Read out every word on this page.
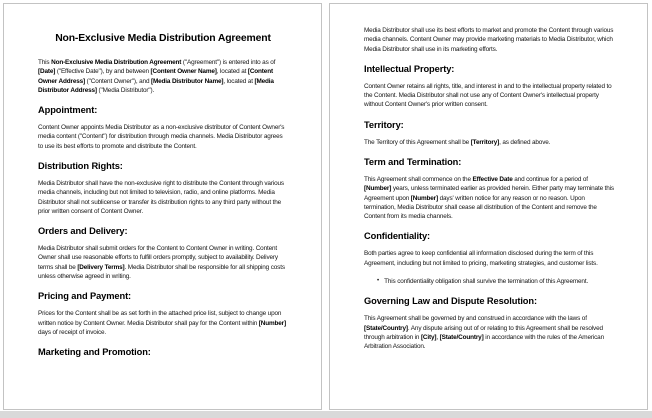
Non-Exclusive Media Distribution Agreement

This Non-Exclusive Media Distribution Agreement ("Agreement") is entered into as of [Date] ("Effective Date"), by and between [Content Owner Name], located at [Content Owner Address] ("Content Owner"), and [Media Distributor Name], located at [Media Distributor Address] ("Media Distributor").

Appointment:

Content Owner appoints Media Distributor as a non-exclusive distributor of Content Owner's media content ("Content") for distribution through media channels. Media Distributor agrees to use its best efforts to promote and distribute the Content.

Distribution Rights:

Media Distributor shall have the non-exclusive right to distribute the Content through various media channels, including but not limited to television, radio, and online platforms. Media Distributor shall not sublicense or transfer its distribution rights to any third party without the prior written consent of Content Owner.

Orders and Delivery:

Media Distributor shall submit orders for the Content to Content Owner in writing. Content Owner shall use reasonable efforts to fulfill orders promptly, subject to availability. Delivery terms shall be [Delivery Terms]. Media Distributor shall be responsible for all shipping costs unless otherwise agreed in writing.

Pricing and Payment:

Prices for the Content shall be as set forth in the attached price list, subject to change upon written notice by Content Owner. Media Distributor shall pay for the Content within [Number] days of receipt of invoice.

Marketing and Promotion:

Media Distributor shall use its best efforts to market and promote the Content through various media channels. Content Owner may provide marketing materials to Media Distributor, which Media Distributor shall use in its marketing efforts.

Intellectual Property:

Content Owner retains all rights, title, and interest in and to the intellectual property related to the Content. Media Distributor shall not use any of Content Owner's intellectual property without Content Owner's prior written consent.

Territory:

The Territory of this Agreement shall be [Territory], as defined above.

Term and Termination:

This Agreement shall commence on the Effective Date and continue for a period of [Number] years, unless terminated earlier as provided herein. Either party may terminate this Agreement upon [Number] days' written notice for any reason or no reason. Upon termination, Media Distributor shall cease all distribution of the Content and remove the Content from its media channels.

Confidentiality:

Both parties agree to keep confidential all information disclosed during the term of this Agreement, including but not limited to pricing, marketing strategies, and customer lists.

• This confidentiality obligation shall survive the termination of this Agreement.
Governing Law and Dispute Resolution:

This Agreement shall be governed by and construed in accordance with the laws of [State/Country]. Any dispute arising out of or relating to this Agreement shall be resolved through arbitration in [City], [State/Country] in accordance with the rules of the American Arbitration Association.
